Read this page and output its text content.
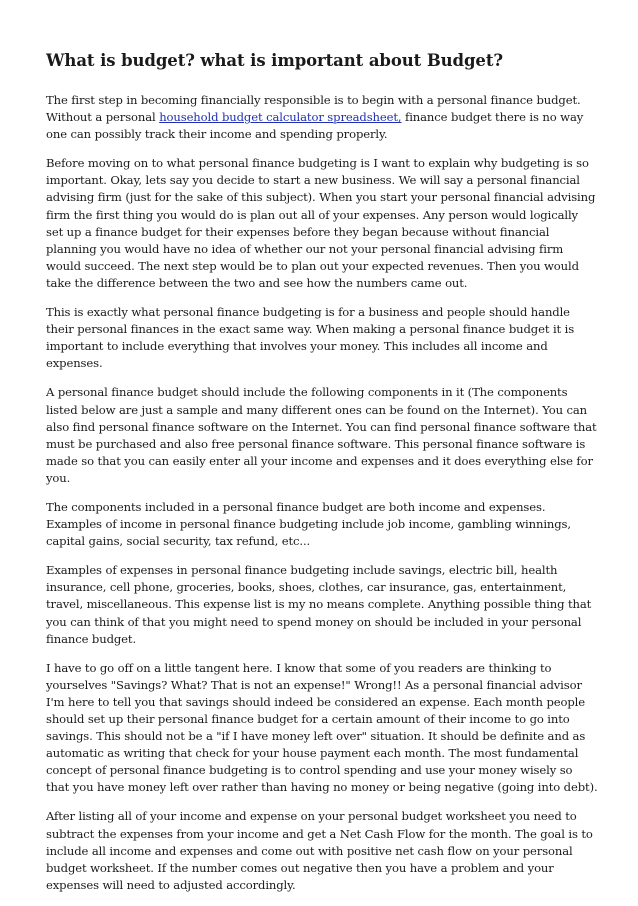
What is budget? what is important about Budget?

The first step in becoming financially responsible is to begin with a personal finance budget. Without a personal household budget calculator spreadsheet, finance budget there is no way one can possibly track their income and spending properly.

Before moving on to what personal finance budgeting is I want to explain why budgeting is so important. Okay, lets say you decide to start a new business. We will say a personal financial advising firm (just for the sake of this subject). When you start your personal financial advising firm the first thing you would do is plan out all of your expenses. Any person would logically set up a finance budget for their expenses before they began because without financial planning you would have no idea of whether our not your personal financial advising firm would succeed. The next step would be to plan out your expected revenues. Then you would take the difference between the two and see how the numbers came out.

This is exactly what personal finance budgeting is for a business and people should handle their personal finances in the exact same way. When making a personal finance budget it is important to include everything that involves your money. This includes all income and expenses.

A personal finance budget should include the following components in it (The components listed below are just a sample and many different ones can be found on the Internet). You can also find personal finance software on the Internet. You can find personal finance software that must be purchased and also free personal finance software. This personal finance software is made so that you can easily enter all your income and expenses and it does everything else for you.

The components included in a personal finance budget are both income and expenses. Examples of income in personal finance budgeting include job income, gambling winnings, capital gains, social security, tax refund, etc...

Examples of expenses in personal finance budgeting include savings, electric bill, health insurance, cell phone, groceries, books, shoes, clothes, car insurance, gas, entertainment, travel, miscellaneous. This expense list is my no means complete. Anything possible thing that you can think of that you might need to spend money on should be included in your personal finance budget.

I have to go off on a little tangent here. I know that some of you readers are thinking to yourselves "Savings? What? That is not an expense!" Wrong!! As a personal financial advisor I'm here to tell you that savings should indeed be considered an expense. Each month people should set up their personal finance budget for a certain amount of their income to go into savings. This should not be a "if I have money left over" situation. It should be definite and as automatic as writing that check for your house payment each month. The most fundamental concept of personal finance budgeting is to control spending and use your money wisely so that you have money left over rather than having no money or being negative (going into debt).

After listing all of your income and expense on your personal budget worksheet you need to subtract the expenses from your income and get a Net Cash Flow for the month. The goal is to include all income and expenses and come out with positive net cash flow on your personal budget worksheet. If the number comes out negative then you have a problem and your expenses will need to adjusted accordingly.
